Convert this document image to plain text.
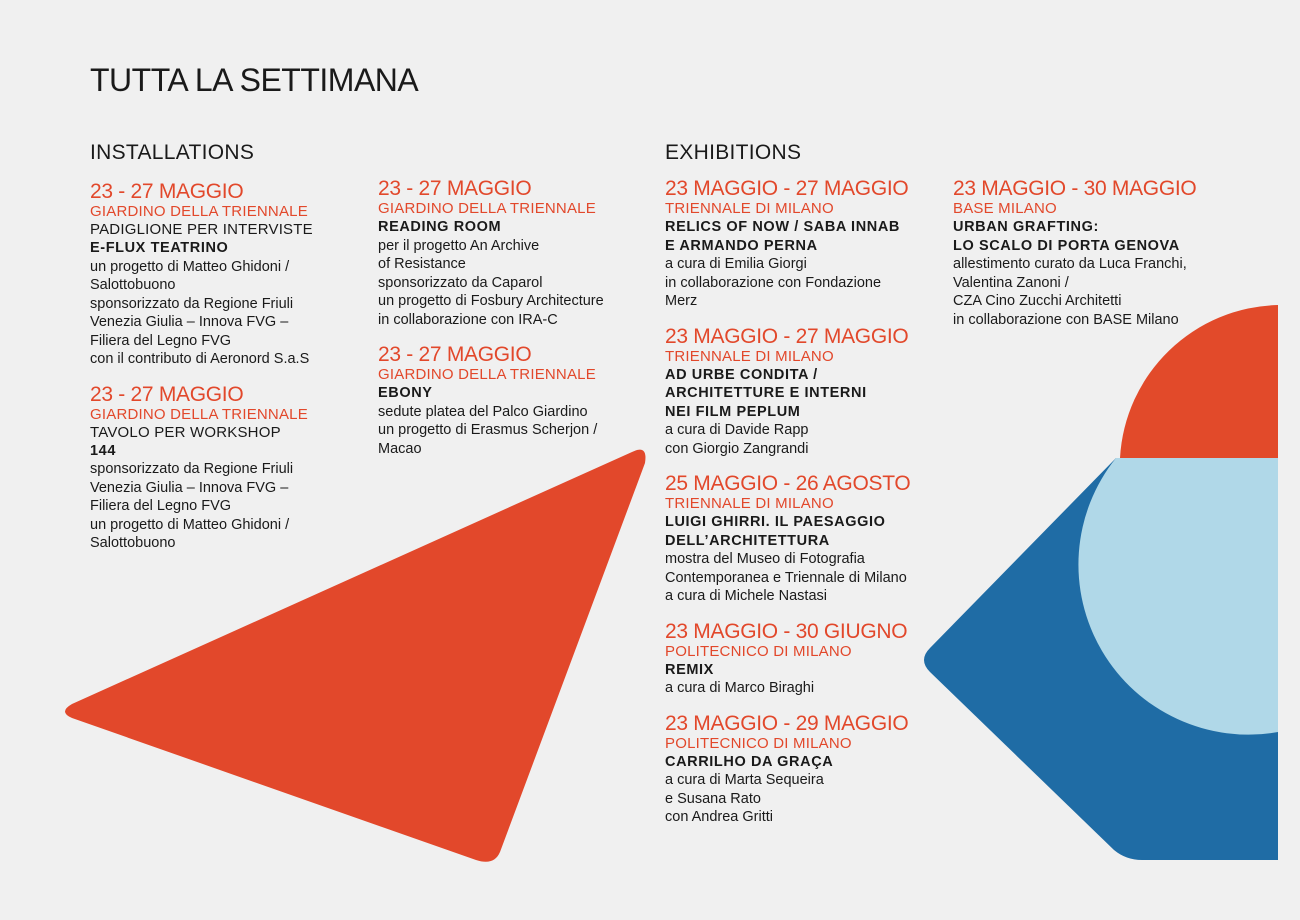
TUTTA LA SETTIMANA
INSTALLATIONS	EXHIBITIONS
23 - 27 MAGGIO
GIARDINO DELLA TRIENNALE
PADIGLIONE PER INTERVISTE
E-FLUX TEATRINO
un progetto di Matteo Ghidoni /
Salottobuono
sponsorizzato da Regione Friuli
Venezia Giulia – Innova FVG –
Filiera del Legno FVG
con il contributo di Aeronord S.a.S
23 - 27 MAGGIO
GIARDINO DELLA TRIENNALE
TAVOLO PER WORKSHOP
144
sponsorizzato da Regione Friuli
Venezia Giulia – Innova FVG –
Filiera del Legno FVG
un progetto di Matteo Ghidoni /
Salottobuono
23 - 27 MAGGIO
GIARDINO DELLA TRIENNALE
READING ROOM
per il progetto An Archive
of Resistance
sponsorizzato da Caparol
un progetto di Fosbury Architecture
in collaborazione con IRA-C
23 - 27 MAGGIO
GIARDINO DELLA TRIENNALE
EBONY
sedute platea del Palco Giardino
un progetto di Erasmus Scherjon /
Macao
23 MAGGIO - 27 MAGGIO
TRIENNALE DI MILANO
RELICS OF NOW / SABA INNAB
E ARMANDO PERNA
a cura di Emilia Giorgi
in collaborazione con Fondazione
Merz
23 MAGGIO - 27 MAGGIO
TRIENNALE DI MILANO
AD URBE CONDITA /
ARCHITETTURE E INTERNI
NEI FILM PEPLUM
a cura di Davide Rapp
con Giorgio Zangrandi
25 MAGGIO - 26 AGOSTO
TRIENNALE DI MILANO
LUIGI GHIRRI. IL PAESAGGIO
DELL’ARCHITETTURA
mostra del Museo di Fotografia
Contemporanea e Triennale di Milano
a cura di Michele Nastasi
23 MAGGIO - 30 GIUGNO
POLITECNICO DI MILANO
REMIX
a cura di Marco Biraghi
23 MAGGIO - 29 MAGGIO
POLITECNICO DI MILANO
CARRILHO DA GRAÇA
a cura di Marta Sequeira
e Susana Rato
con Andrea Gritti
23 MAGGIO - 30 MAGGIO
BASE MILANO
URBAN GRAFTING:
LO SCALO DI PORTA GENOVA
allestimento curato da Luca Franchi,
Valentina Zanoni /
CZA Cino Zucchi Architetti
in collaborazione con BASE Milano
